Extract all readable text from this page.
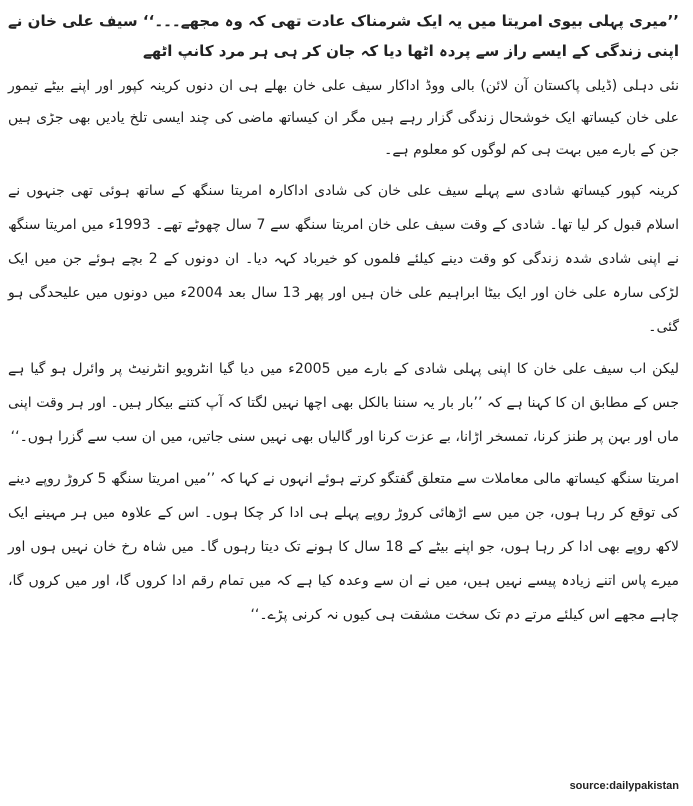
’’میری پہلی بیوی امریتا میں یہ ایک شرمناک عادت تھی کہ وہ مجھے۔۔۔‘‘ سیف علی خان نے اپنی زندگی کے ایسے راز سے پردہ اٹھا دیا کہ جان کر ہی ہر مرد کانپ اٹھے

نئی دہلی (ڈیلی پاکستان آن لائن) بالی ووڈ اداکار سیف علی خان بھلے ہی ان دنوں کرینہ کپور اور اپنے بیٹے تیمور علی خان کیساتھ ایک خوشحال زندگی گزار رہے ہیں مگر ان کیساتھ ماضی کی چند ایسی تلخ یادیں بھی جڑی ہیں جن کے بارے میں بہت ہی کم لوگوں کو معلوم ہے۔

کرینہ کپور کیساتھ شادی سے پہلے سیف علی خان کی شادی اداکارہ امریتا سنگھ کے ساتھ ہوئی تھی جنہوں نے اسلام قبول کر لیا تھا۔ شادی کے وقت سیف علی خان امریتا سنگھ سے 7 سال چھوٹے تھے۔ 1993ء میں امریتا سنگھ نے اپنی شادی شدہ زندگی کو وقت دینے کیلئے فلموں کو خیرباد کہہ دیا۔ ان دونوں کے 2 بچے ہوئے جن میں ایک لڑکی سارہ علی خان اور ایک بیٹا ابراہیم علی خان ہیں اور پھر 13 سال بعد 2004ء میں دونوں میں علیحدگی ہو گئی۔

لیکن اب سیف علی خان کا اپنی پہلی شادی کے بارے میں 2005ء میں دیا گیا انٹرویو انٹرنیٹ پر وائرل ہو گیا ہے جس کے مطابق ان کا کہنا ہے کہ ’’بار بار یہ سننا بالکل بھی اچھا نہیں لگتا کہ آپ کتنے بیکار ہیں۔ اور ہر وقت اپنی ماں اور بہن پر طنز کرنا، تمسخر اڑانا، بے عزت کرنا اور گالیاں بھی نہیں سنی جاتیں، میں ان سب سے گزرا ہوں۔‘‘

امریتا سنگھ کیساتھ مالی معاملات سے متعلق گفتگو کرتے ہوئے انہوں نے کہا کہ ’’میں امریتا سنگھ 5 کروڑ روپے دینے کی توقع کر رہا ہوں، جن میں سے اڑھائی کروڑ روپے پہلے ہی ادا کر چکا ہوں۔ اس کے علاوہ میں ہر مہینے ایک لاکھ روپے بھی ادا کر رہا ہوں، جو اپنے بیٹے کے 18 سال کا ہونے تک دیتا رہوں گا۔ میں شاہ رخ خان نہیں ہوں اور میرے پاس اتنے زیادہ پیسے نہیں ہیں، میں نے ان سے وعدہ کیا ہے کہ میں تمام رقم ادا کروں گا، اور میں کروں گا، چاہے مجھے اس کیلئے مرتے دم تک سخت مشقت ہی کیوں نہ کرنی پڑے۔‘‘

source:dailypakistan
